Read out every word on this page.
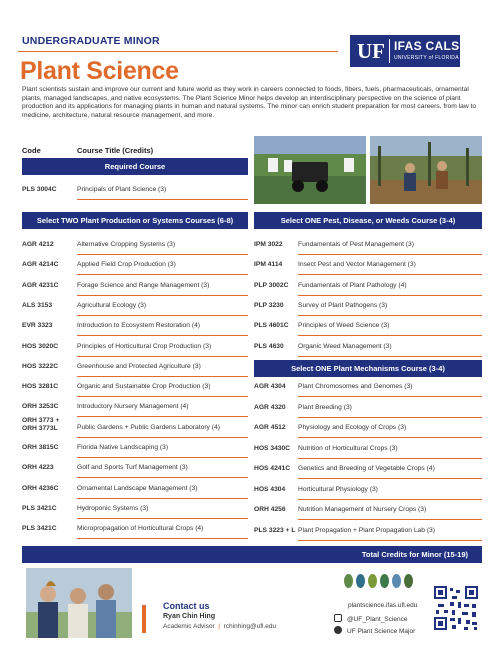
UNDERGRADUATE MINOR
Plant Science
UF IFAS CALS
UNIVERSITY of FLORIDA
Plant scientists sustain and improve our current and future world as they work in careers connected to foods, fibers, fuels, pharmaceuticals, ornamental plants, managed landscapes, and native ecosystems. The Plant Science Minor helps develop an interdisciplinary perspective on the science of plant production and its applications for managing plants in human and natural systems. The minor can enrich student preparation for most careers, from law to medicine, architecture, natural resource management, and more.
Code	Course Title (Credits)
Required Course
PLS 3004C	Principals of Plant Science (3)
Select TWO Plant Production or Systems Courses (6-8)	Select ONE Pest, Disease, or Weeds Course (3-4)
Select ONE Plant Mechanisms Course (3-4)
AGR 4212	Alternative Cropping Systems (3)
AGR 4214C	Applied Field Crop Production (3)
AGR 4231C	Forage Science and Range Management (3)
ALS 3153	Agricultural Ecology (3)
EVR 3323	Introduction to Ecosystem Restoration (4)
HOS 3020C	Principles of Horticultural Crop Production (3)
HOS 3222C	Greenhouse and Protected Agriculture (3)
HOS 3281C	Organic and Sustainable Crop Production (3)
ORH 3253C	Introductory Nursery Management (4)
ORH 3773 + ORH 3773L	Public Gardens + Public Gardens Laboratory (4)
ORH 3815C	Florida Native Landscaping (3)
ORH 4223	Golf and Sports Turf Management (3)
ORH 4236C	Ornamental Landscape Management (3)
PLS 3421C	Hydroponic Systems (3)
PLS 3421C	Micropropagation of Horticultural Crops (4)
IPM 3022 Fundamentals of Pest Management (3)
IPM 4114 Insect Pest and Vector Management (3)
PLP 3002C Fundamentals of Plant Pathology (4)
PLP 3230 Survey of Plant Pathogens (3)
PLS 4601C Principles of Weed Science (3)
PLS 4630 Organic Weed Management (3)
AGR 4304 Plant Chromosomes and Genomes (3)
AGR 4320 Plant Breeding (3)
AGR 4512 Physiology and Ecology of Crops (3)
HOS 3430C Nutrition of Horticultural Crops (3)
HOS 4241C Genetics and Breeding of Vegetable Crops (4)
HOS 4304 Horticultural Physiology (3)
ORH 4256 Nutrition Management of Nursery Crops (3)
PLS 3223 + L Plant Propagation + Plant Propagation Lab (3)
Total Credits for Minor (15-19)
Contact us
Ryan Chin Hing
Academic Advisor  |  rchinhing@ufl.edu
plantscience.ifas.ufl.edu
@UF_Plant_Science
UF Plant Science Major
